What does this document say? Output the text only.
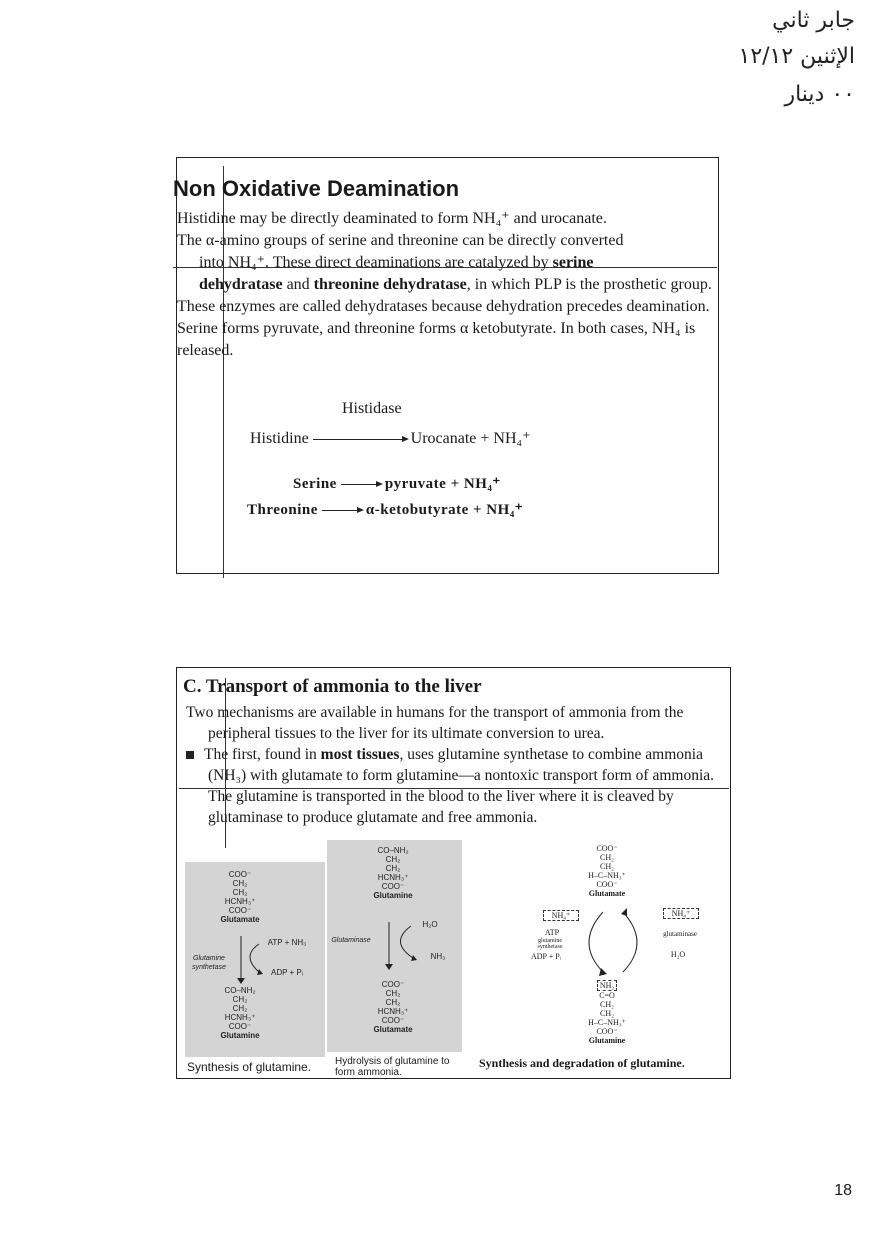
جابر ثاني
الإثنين ١٢/١٢
٠٠ دينار
Non Oxidative Deamination

Histidine may be directly deaminated to form NH₄⁺ and urocanate.

The α-amino groups of serine and threonine can be directly converted
into NH₄⁺. These direct deaminations are catalyzed by serine
dehydratase and threonine dehydratase, in which PLP is the prosthetic group. These enzymes are called dehydratases because dehydration precedes deamination. Serine forms pyruvate, and threonine forms α ketobutyrate. In both cases, NH₄ is released.

Histidase
Histidine	Urocanate + NH₄⁺
Serine	pyruvate + NH₄⁺
Threonine	α-ketobutyrate + NH₄⁺
C. Transport of ammonia to the liver

Two mechanisms are available in humans for the transport of ammonia from the peripheral tissues to the liver for its ultimate conversion to urea.

The first, found in most tissues, uses glutamine synthetase to combine ammonia (NH₃) with glutamate to form glutamine—a nontoxic transport form of ammonia. The glutamine is transported in the blood to the liver where it is cleaved by glutaminase to produce glutamate and free ammonia.

COO⁻
CH₂
CH₂
HCNH₃⁺
COO⁻
Glutamate
Glutamine synthetase
ATP + NH₃
ADP + Pᵢ
CO–NH₂
CH₂
CH₂
HCNH₃⁺
COO⁻
Glutamine
Synthesis of glutamine.
CO–NH₂
CH₂
CH₂
HCNH₃⁺
COO⁻
Glutamine
Glutaminase
H₂O
NH₃
COO⁻
CH₂
CH₂
HCNH₃⁺
COO⁻
Glutamate
Hydrolysis of glutamine to form ammonia.
COO⁻
CH₂
CH₂
H–C–NH₃⁺
COO⁻
Glutamate
NH₄⁺	NH₄⁺
ATP
glutamine synthetase
ADP + Pᵢ
glutaminase
H₂O
NH₂
C=O
CH₂
CH₂
H–C–NH₃⁺
COO⁻
Glutamine
Synthesis and degradation of glutamine.
18
